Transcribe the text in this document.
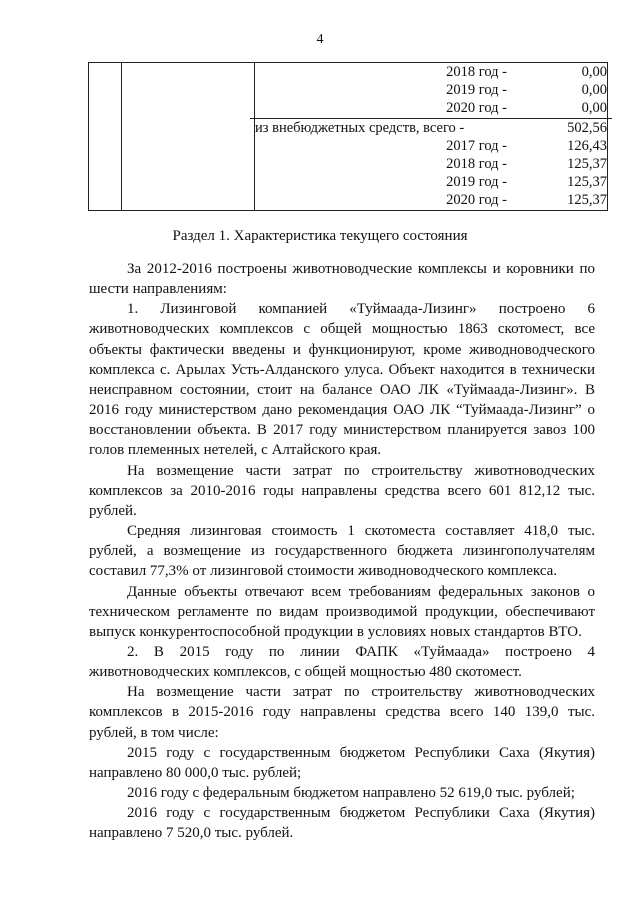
4

2018 год -	0,00
2019 год -	0,00
2020 год -	0,00
из внебюджетных средств, всего -	502,56
2017 год -	126,43
2018 год -	125,37
2019 год -	125,37
2020 год -	125,37
Раздел 1. Характеристика текущего состояния

За 2012-2016 построены животноводческие комплексы и коровники по шести направлениям:

1. Лизинговой компанией «Туймаада-Лизинг» построено 6 животноводческих комплексов с общей мощностью 1863 скотомест, все объекты фактически введены и функционируют, кроме живодноводческого комплекса с. Арылах Усть-Алданского улуса. Объект находится в технически неисправном состоянии, стоит на балансе ОАО ЛК «Туймаада-Лизинг». В 2016 году министерством дано рекомендация ОАО ЛК “Туймаада-Лизинг” о восстановлении объекта. В 2017 году министерством планируется завоз 100 голов племенных нетелей, с Алтайского края.

На возмещение части затрат по строительству животноводческих комплексов за 2010-2016 годы направлены средства всего 601 812,12 тыс. рублей.

Средняя лизинговая стоимость 1 скотоместа составляет 418,0 тыс. рублей, а возмещение из государственного бюджета лизингополучателям составил 77,3% от лизинговой стоимости живодноводческого комплекса.

Данные объекты отвечают всем требованиям федеральных законов о техническом регламенте по видам производимой продукции, обеспечивают выпуск конкурентоспособной продукции в условиях новых стандартов ВТО.

2. В 2015 году по линии ФАПК «Туймаада» построено 4 животноводческих комплексов, с общей мощностью 480 скотомест.

На возмещение части затрат по строительству животноводческих комплексов в 2015-2016 году направлены средства всего 140 139,0 тыс. рублей, в том числе:

2015 году с государственным бюджетом Республики Саха (Якутия) направлено 80 000,0 тыс. рублей;

2016 году с федеральным бюджетом направлено 52 619,0 тыс. рублей;

2016 году с государственным бюджетом Республики Саха (Якутия) направлено 7 520,0 тыс. рублей.
